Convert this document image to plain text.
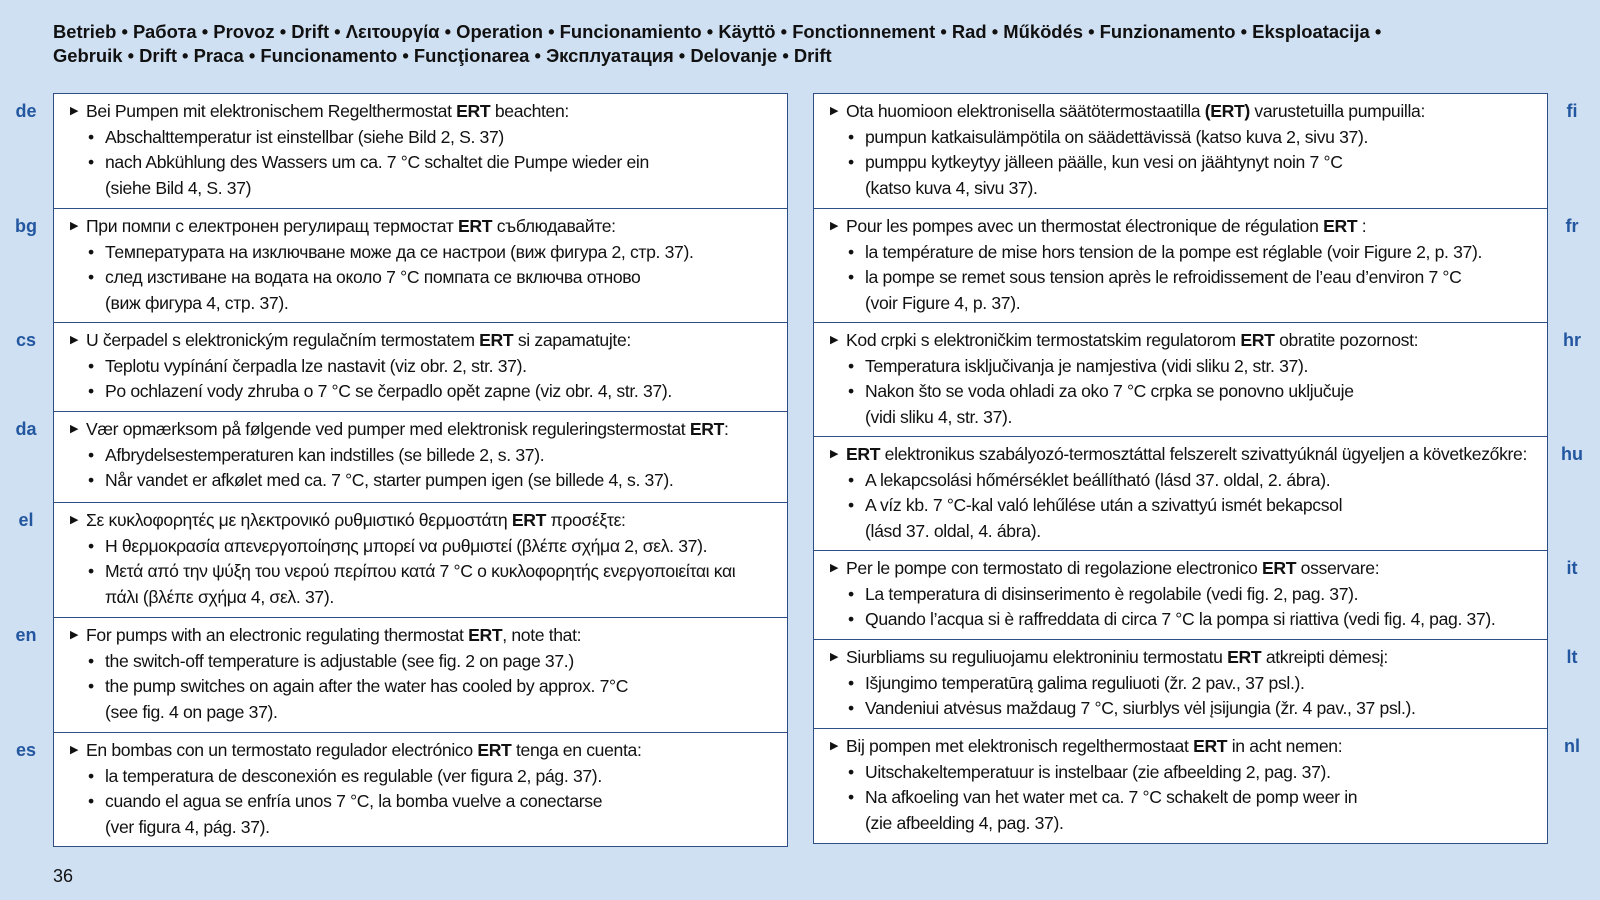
Betrieb • Работа • Provoz • Drift • Λειτουργία • Operation • Funcionamiento • Käyttö • Fonctionnement • Rad • Működés • Funzionamento • Eksploatacija •
Gebruik • Drift • Praca • Funcionamento • Funcţionarea • Эксплуатация • Delovanje • Drift
de	▶ Bei Pumpen mit elektronischem Regelthermostat ERT beachten:
• Abschalttemperatur ist einstellbar (siehe Bild 2, S. 37)
• nach Abkühlung des Wassers um ca. 7 °C schaltet die Pumpe wieder ein
(siehe Bild 4, S. 37)
bg	▶ При помпи с електронен регулиращ термостат ERT съблюдавайте:
• Температурата на изключване може да се настрои (виж фигура 2, стр. 37).
• след изстиване на водата на около 7 °C помпата се включва отново
(виж фигура 4, стр. 37).
cs	▶ U čerpadel s elektronickým regulačním termostatem ERT si zapamatujte:
• Teplotu vypínání čerpadla lze nastavit (viz obr. 2, str. 37).
• Po ochlazení vody zhruba o 7 °C se čerpadlo opět zapne (viz obr. 4, str. 37).
da	▶ Vær opmærksom på følgende ved pumper med elektronisk reguleringstermostat ERT:
• Afbrydelsestemperaturen kan indstilles (se billede 2, s. 37).
• Når vandet er afkølet med ca. 7 °C, starter pumpen igen (se billede 4, s. 37).
el	▶ Σε κυκλοφορητές με ηλεκτρονικό ρυθμιστικό θερμοστάτη ERT προσέξτε:
• Η θερμοκρασία απενεργοποίησης μπορεί να ρυθμιστεί (βλέπε σχήμα 2, σελ. 37).
• Μετά από την ψύξη του νερού περίπου κατά 7 °C ο κυκλοφορητής ενεργοποιείται και
πάλι (βλέπε σχήμα 4, σελ. 37).
en	▶ For pumps with an electronic regulating thermostat ERT, note that:
• the switch-off temperature is adjustable (see fig. 2 on page 37.)
• the pump switches on again after the water has cooled by approx. 7°C
(see fig. 4 on page 37).
es	▶ En bombas con un termostato regulador electrónico ERT tenga en cuenta:
• la temperatura de desconexión es regulable (ver figura 2, pág. 37).
• cuando el agua se enfría unos 7 °C, la bomba vuelve a conectarse
(ver figura 4, pág. 37).
fi
▶ Ota huomioon elektronisella säätötermostaatilla (ERT) varustetuilla pumpuilla:
• pumpun katkaisulämpötila on säädettävissä (katso kuva 2, sivu 37).
• pumppu kytkeytyy jälleen päälle, kun vesi on jäähtynyt noin 7 °C
(katso kuva 4, sivu 37).
fr
▶ Pour les pompes avec un thermostat électronique de régulation ERT :
• la température de mise hors tension de la pompe est réglable (voir Figure 2, p. 37).
• la pompe se remet sous tension après le refroidissement de l’eau d’environ 7 °C
(voir Figure 4, p. 37).
hr
▶ Kod crpki s elektroničkim termostatskim regulatorom ERT obratite pozornost:
• Temperatura isključivanja je namjestiva (vidi sliku 2, str. 37).
• Nakon što se voda ohladi za oko 7 °C crpka se ponovno uključuje
(vidi sliku 4, str. 37).
hu
▶ ERT elektronikus szabályozó-termosztáttal felszerelt szivattyúknál ügyeljen a következőkre:
• A lekapcsolási hőmérséklet beállítható (lásd 37. oldal, 2. ábra).
• A víz kb. 7 °C-kal való lehűlése után a szivattyú ismét bekapcsol
(lásd 37. oldal, 4. ábra).
it
▶ Per le pompe con termostato di regolazione electronico ERT osservare:
• La temperatura di disinserimento è regolabile (vedi fig. 2, pag. 37).
• Quando l’acqua si è raffreddata di circa 7 °C la pompa si riattiva (vedi fig. 4, pag. 37).
lt
▶ Siurbliams su reguliuojamu elektroniniu termostatu ERT atkreipti dėmesį:
• Išjungimo temperatūrą galima reguliuoti (žr. 2 pav., 37 psl.).
• Vandeniui atvėsus maždaug 7 °C, siurblys vėl įsijungia (žr. 4 pav., 37 psl.).
nl
▶ Bij pompen met elektronisch regelthermostaat ERT in acht nemen:
• Uitschakeltemperatuur is instelbaar (zie afbeelding 2, pag. 37).
• Na afkoeling van het water met ca. 7 °C schakelt de pomp weer in
(zie afbeelding 4, pag. 37).
36
